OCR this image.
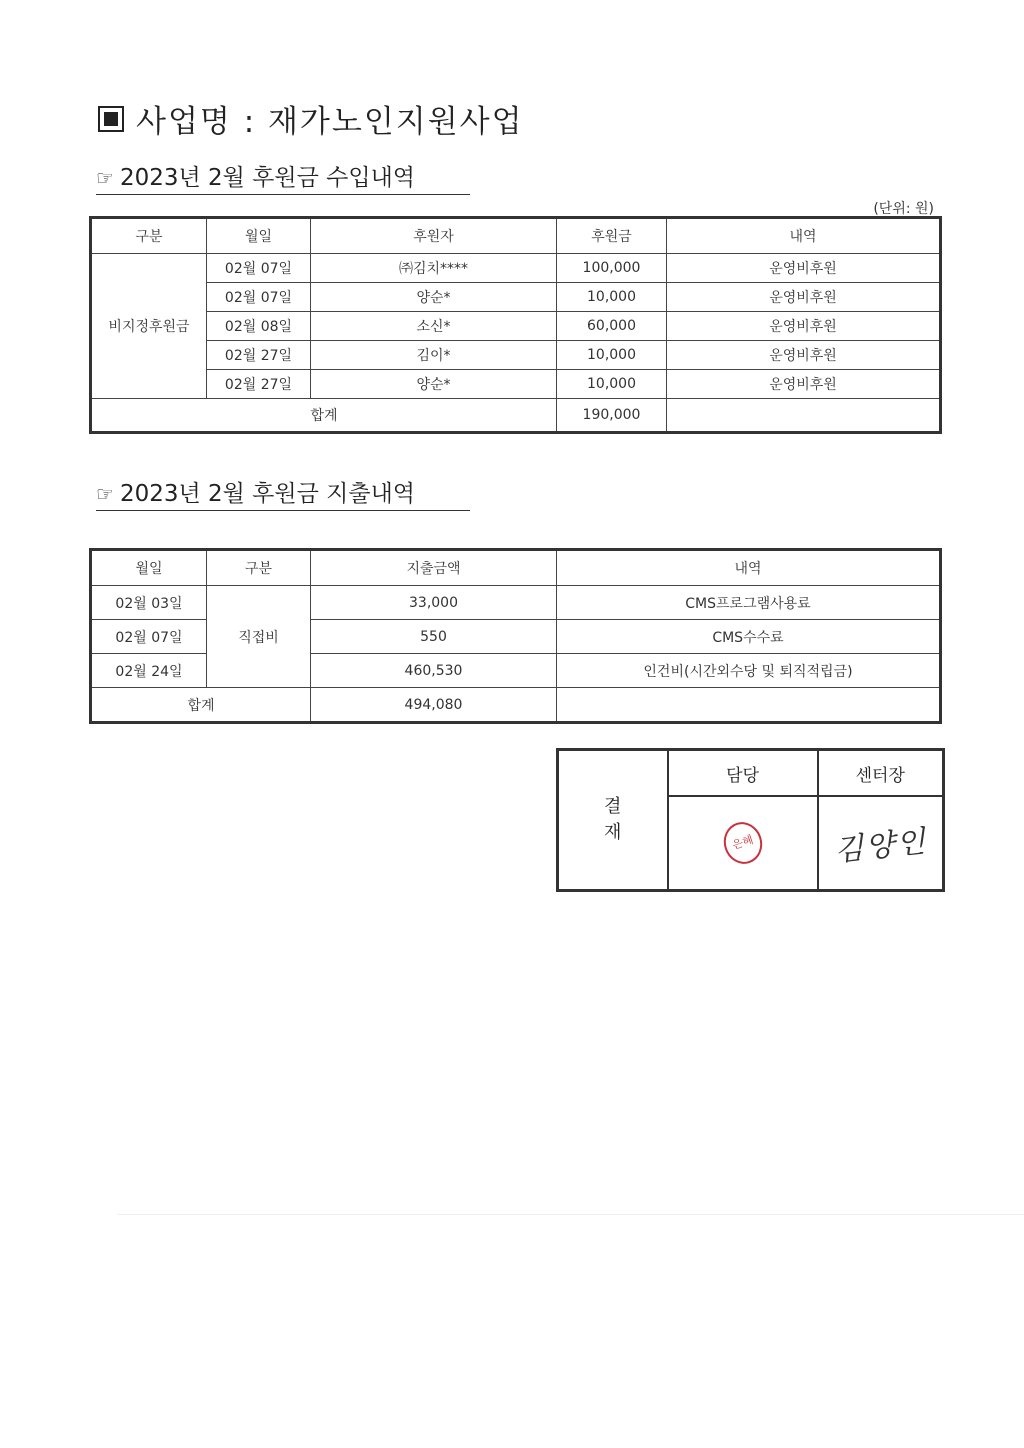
사업명 : 재가노인지원사업
☞ 2023년 2월 후원금 수입내역
(단위: 원)
구분	월일	후원자	후원금	내역
비지정후원금	02월 07일	㈜김치****	100,000	운영비후원
	02월 07일	양순*	10,000	운영비후원
	02월 08일	소신*	60,000	운영비후원
	02월 27일	김이*	10,000	운영비후원
	02월 27일	양순*	10,000	운영비후원
합계			190,000	
☞ 2023년 2월 후원금 지출내역
월일	구분	지출금액	내역
02월 03일	직접비	33,000	CMS프로그램사용료
02월 07일		550	CMS수수료
02월 24일		460,530	인건비(시간외수당 및 퇴직적립금)
합계		494,080	
결
재	담당	센터장

	은혜	김양인
